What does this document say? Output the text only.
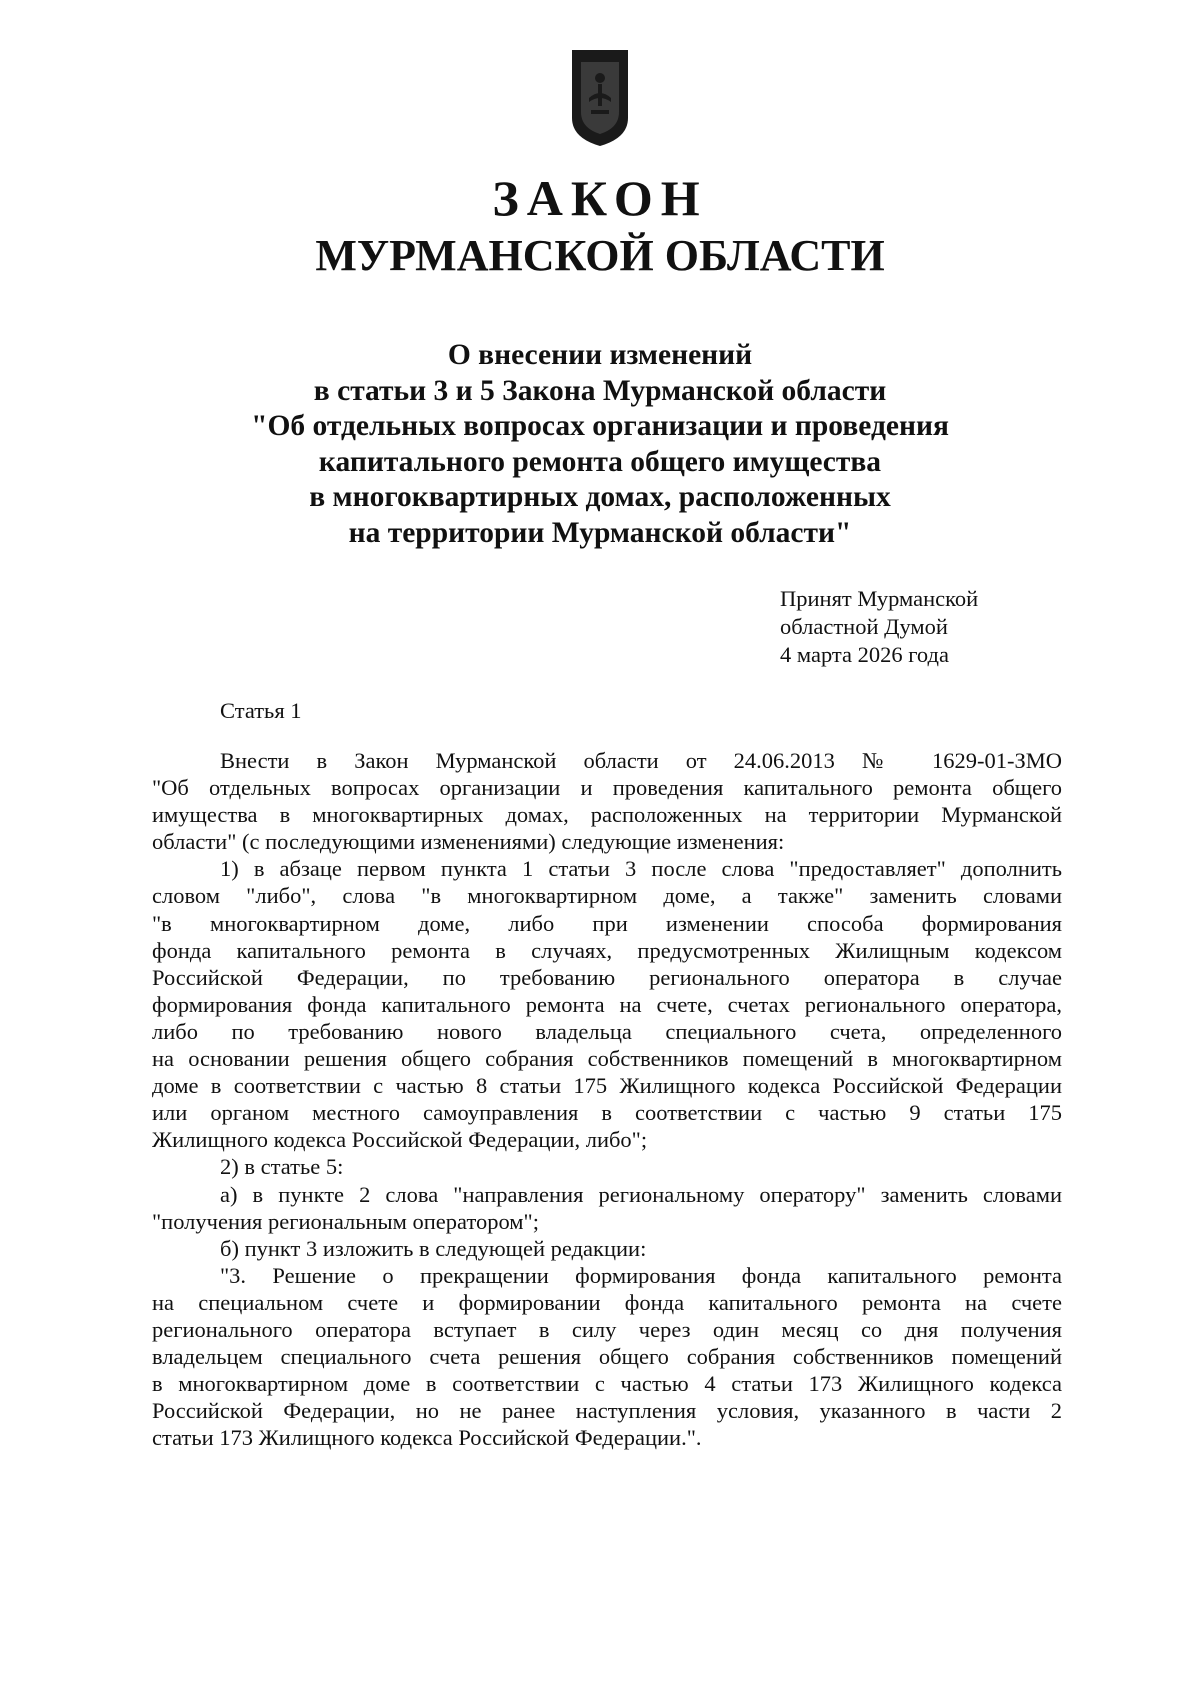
ЗАКОН
МУРМАНСКОЙ ОБЛАСТИ
О внесении изменений
в статьи 3 и 5 Закона Мурманской области
"Об отдельных вопросах организации и проведения
капитального ремонта общего имущества
в многоквартирных домах, расположенных
на территории Мурманской области"
Принят Мурманской
областной Думой
4 марта 2026 года
Статья 1

Внести в Закон Мурманской области от 24.06.2013 № 1629-01-ЗМО
"Об отдельных вопросах организации и проведения капитального ремонта общего
имущества в многоквартирных домах, расположенных на территории Мурманской
области" (с последующими изменениями) следующие изменения:

1) в абзаце первом пункта 1 статьи 3 после слова "предоставляет" дополнить
словом "либо", слова "в многоквартирном доме, а также" заменить словами
"в многоквартирном доме, либо при изменении способа формирования
фонда капитального ремонта в случаях, предусмотренных Жилищным кодексом
Российской Федерации, по требованию регионального оператора в случае
формирования фонда капитального ремонта на счете, счетах регионального оператора,
либо по требованию нового владельца специального счета, определенного
на основании решения общего собрания собственников помещений в многоквартирном
доме в соответствии с частью 8 статьи 175 Жилищного кодекса Российской Федерации
или органом местного самоуправления в соответствии с частью 9 статьи 175
Жилищного кодекса Российской Федерации, либо";

2) в статье 5:

а) в пункте 2 слова "направления региональному оператору" заменить словами
"получения региональным оператором";

б) пункт 3 изложить в следующей редакции:

"3. Решение о прекращении формирования фонда капитального ремонта
на специальном счете и формировании фонда капитального ремонта на счете
регионального оператора вступает в силу через один месяц со дня получения
владельцем специального счета решения общего собрания собственников помещений
в многоквартирном доме в соответствии с частью 4 статьи 173 Жилищного кодекса
Российской Федерации, но не ранее наступления условия, указанного в части 2
статьи 173 Жилищного кодекса Российской Федерации.".
